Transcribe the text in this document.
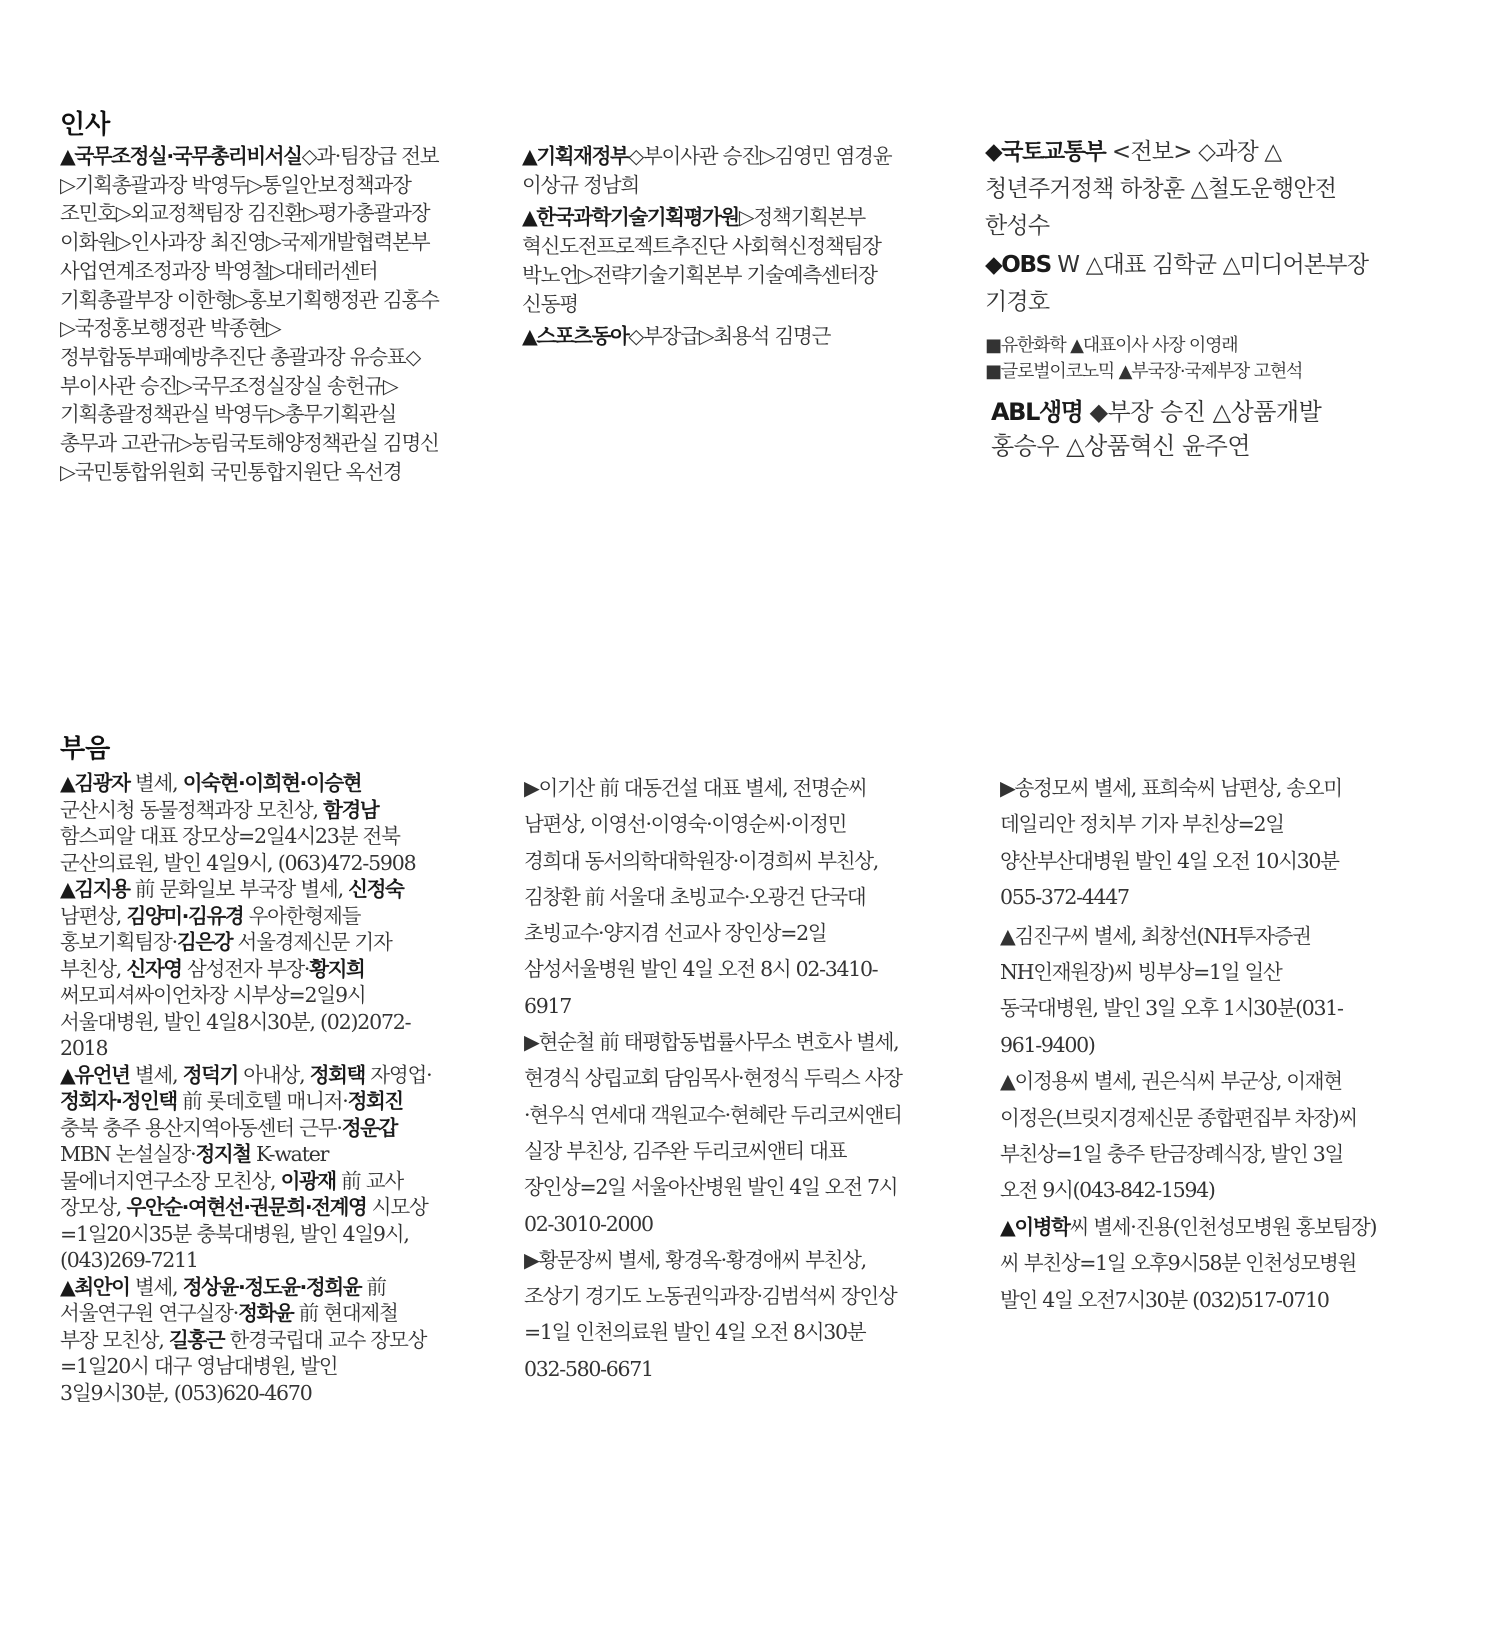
인사

▲국무조정실·국무총리비서실◇과·팀장급 전보▷기획총괄과장 박영두▷통일안보정책과장 조민호▷외교정책팀장 김진환▷평가총괄과장 이화원▷인사과장 최진영▷국제개발협력본부 사업연계조정과장 박영철▷대테러센터 기획총괄부장 이한형▷홍보기획행정관 김홍수▷국정홍보행정관 박종현▷정부합동부패예방추진단 총괄과장 유승표◇부이사관 승진▷국무조정실장실 송헌규▷기획총괄정책관실 박영두▷총무기획관실 총무과 고관규▷농림국토해양정책관실 김명신▷국민통합위원회 국민통합지원단 옥선경

▲기획재정부◇부이사관 승진▷김영민 염경윤 이상규 정남희

▲한국과학기술기획평가원▷정책기획본부 혁신도전프로젝트추진단 사회혁신정책팀장 박노언▷전략기술기획본부 기술예측센터장 신동평

▲스포츠동아◇부장급▷최용석 김명근

◆국토교통부 <전보> ◇과장 △청년주거정책 하창훈 △철도운행안전 한성수

◆OBS W △대표 김학균 △미디어본부장 기경호

■유한화학 ▲대표이사 사장 이영래

■글로벌이코노믹 ▲부국장·국제부장 고현석

ABL생명 ◆부장 승진 △상품개발 홍승우 △상품혁신 윤주연

부음

▲김광자 별세, 이숙현·이희현·이승현 군산시청 동물정책과장 모친상, 함경남 함스피알 대표 장모상=2일4시23분 전북 군산의료원, 발인 4일9시, (063)472-5908

▲김지용 前 문화일보 부국장 별세, 신정숙 남편상, 김양미·김유경 우아한형제들 홍보기획팀장·김은강 서울경제신문 기자 부친상, 신자영 삼성전자 부장·황지희 써모피셔싸이언차장 시부상=2일9시 서울대병원, 발인 4일8시30분, (02)2072-2018

▲유언년 별세, 정덕기 아내상, 정회택 자영업·정회자·정인택 前 롯데호텔 매니저·정회진 충북 충주 용산지역아동센터 근무·정운갑 MBN 논설실장·정지철 K-water 물에너지연구소장 모친상, 이광재 前 교사 장모상, 우안순·여현선·권문희·전계영 시모상=1일20시35분 충북대병원, 발인 4일9시, (043)269-7211

▲최안이 별세, 정상윤·정도윤·정희윤 前 서울연구원 연구실장·정화윤 前 현대제철 부장 모친상, 길홍근 한경국립대 교수 장모상=1일20시 대구 영남대병원, 발인 3일9시30분, (053)620-4670

▶이기산 前 대동건설 대표 별세, 전명순씨 남편상, 이영선·이영숙·이영순씨·이정민 경희대 동서의학대학원장·이경희씨 부친상, 김창환 前 서울대 초빙교수·오광건 단국대 초빙교수·양지겸 선교사 장인상=2일 삼성서울병원 발인 4일 오전 8시 02-3410-6917

▶현순철 前 태평합동법률사무소 변호사 별세, 현경식 상립교회 담임목사·현정식 두릭스 사장·현우식 연세대 객원교수·현혜란 두리코씨앤티 실장 부친상, 김주완 두리코씨앤티 대표 장인상=2일 서울아산병원 발인 4일 오전 7시 02-3010-2000

▶황문장씨 별세, 황경옥·황경애씨 부친상, 조상기 경기도 노동권익과장·김범석씨 장인상=1일 인천의료원 발인 4일 오전 8시30분 032-580-6671

▶송정모씨 별세, 표희숙씨 남편상, 송오미 데일리안 정치부 기자 부친상=2일 양산부산대병원 발인 4일 오전 10시30분 055-372-4447

▲김진구씨 별세, 최창선(NH투자증권 NH인재원장)씨 빙부상=1일 일산 동국대병원, 발인 3일 오후 1시30분(031-961-9400)

▲이정용씨 별세, 권은식씨 부군상, 이재현 이정은(브릿지경제신문 종합편집부 차장)씨 부친상=1일 충주 탄금장례식장, 발인 3일 오전 9시(043-842-1594)

▲이병학씨 별세·진용(인천성모병원 홍보팀장)씨 부친상=1일 오후9시58분 인천성모병원 발인 4일 오전7시30분 (032)517-0710
